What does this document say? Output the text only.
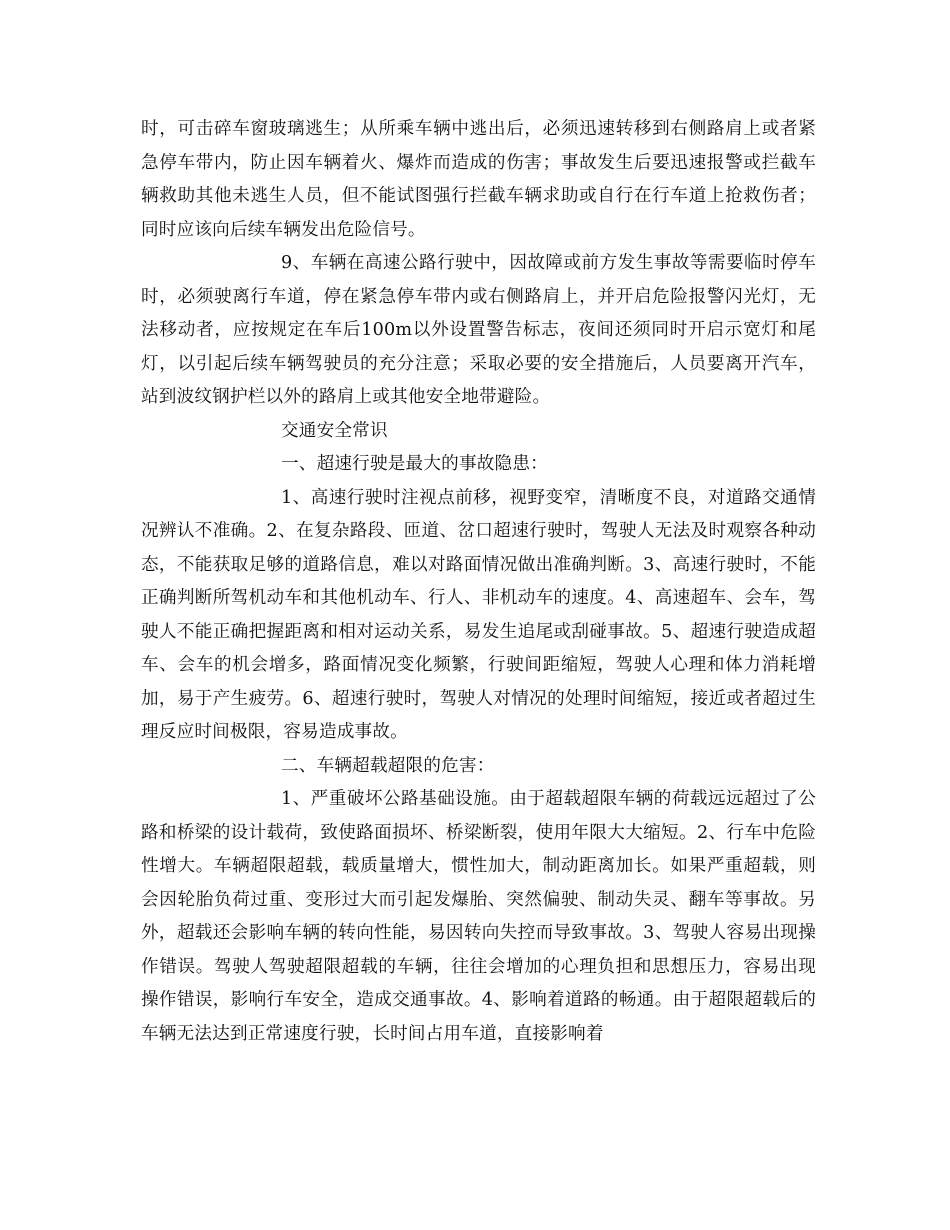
时，可击碎车窗玻璃逃生；从所乘车辆中逃出后，必须迅速转移到右侧路肩上或者紧急停车带内，防止因车辆着火、爆炸而造成的伤害；事故发生后要迅速报警或拦截车辆救助其他未逃生人员，但不能试图强行拦截车辆求助或自行在行车道上抢救伤者；同时应该向后续车辆发出危险信号。

9、车辆在高速公路行驶中，因故障或前方发生事故等需要临时停车时，必须驶离行车道，停在紧急停车带内或右侧路肩上，并开启危险报警闪光灯，无法移动者，应按规定在车后100m以外设置警告标志，夜间还须同时开启示宽灯和尾灯，以引起后续车辆驾驶员的充分注意；采取必要的安全措施后，人员要离开汽车，站到波纹钢护栏以外的路肩上或其他安全地带避险。

交通安全常识

一、超速行驶是最大的事故隐患：

1、高速行驶时注视点前移，视野变窄，清晰度不良，对道路交通情况辨认不准确。2、在复杂路段、匝道、岔口超速行驶时，驾驶人无法及时观察各种动态，不能获取足够的道路信息，难以对路面情况做出准确判断。3、高速行驶时，不能正确判断所驾机动车和其他机动车、行人、非机动车的速度。4、高速超车、会车，驾驶人不能正确把握距离和相对运动关系，易发生追尾或刮碰事故。5、超速行驶造成超车、会车的机会增多，路面情况变化频繁，行驶间距缩短，驾驶人心理和体力消耗增加，易于产生疲劳。6、超速行驶时，驾驶人对情况的处理时间缩短，接近或者超过生理反应时间极限，容易造成事故。

二、车辆超载超限的危害：

1、严重破坏公路基础设施。由于超载超限车辆的荷载远远超过了公路和桥梁的设计载荷，致使路面损坏、桥梁断裂，使用年限大大缩短。2、行车中危险性增大。车辆超限超载，载质量增大，惯性加大，制动距离加长。如果严重超载，则会因轮胎负荷过重、变形过大而引起发爆胎、突然偏驶、制动失灵、翻车等事故。另外，超载还会影响车辆的转向性能，易因转向失控而导致事故。3、驾驶人容易出现操作错误。驾驶人驾驶超限超载的车辆，往往会增加的心理负担和思想压力，容易出现操作错误，影响行车安全，造成交通事故。4、影响着道路的畅通。由于超限超载后的车辆无法达到正常速度行驶，长时间占用车道，直接影响着
